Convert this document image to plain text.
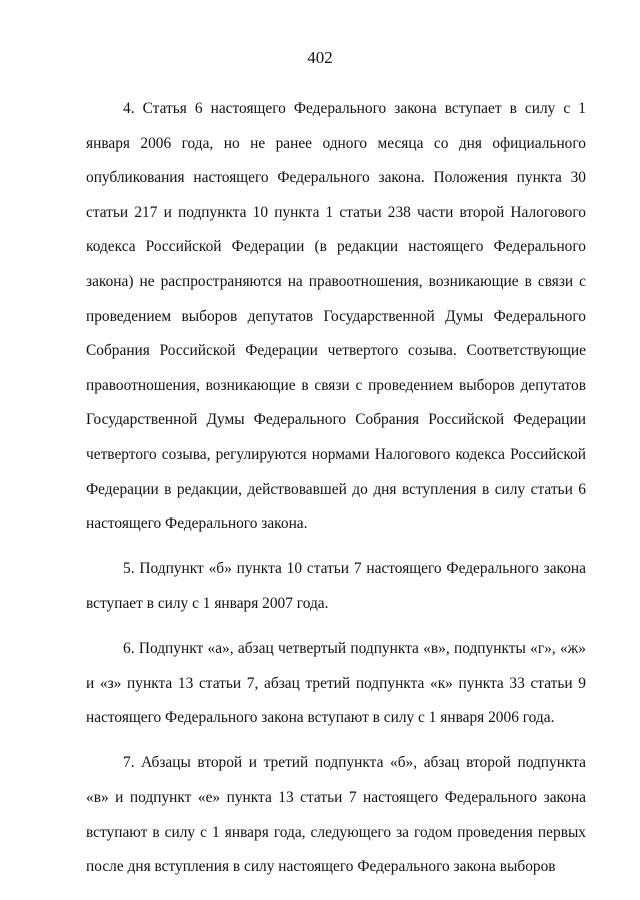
402

4. Статья 6 настоящего Федерального закона вступает в силу с 1 января 2006 года, но не ранее одного месяца со дня официального опубликования настоящего Федерального закона. Положения пункта 30 статьи 217 и подпункта 10 пункта 1 статьи 238 части второй Налогового кодекса Российской Федерации (в редакции настоящего Федерального закона) не распространяются на правоотношения, возникающие в связи с проведением выборов депутатов Государственной Думы Федерального Собрания Российской Федерации четвертого созыва. Соответствующие правоотношения, возникающие в связи с проведением выборов депутатов Государственной Думы Федерального Собрания Российской Федерации четвертого созыва, регулируются нормами Налогового кодекса Российской Федерации в редакции, действовавшей до дня вступления в силу статьи 6 настоящего Федерального закона.

5. Подпункт «б» пункта 10 статьи 7 настоящего Федерального закона вступает в силу с 1 января 2007 года.

6. Подпункт «а», абзац четвертый подпункта «в», подпункты «г», «ж» и «з» пункта 13 статьи 7, абзац третий подпункта «к» пункта 33 статьи 9 настоящего Федерального закона вступают в силу с 1 января 2006 года.

7. Абзацы второй и третий подпункта «б», абзац второй подпункта «в» и подпункт «е» пункта 13 статьи 7 настоящего Федерального закона вступают в силу с 1 января года, следующего за годом проведения первых после дня вступления в силу настоящего Федерального закона выборов
